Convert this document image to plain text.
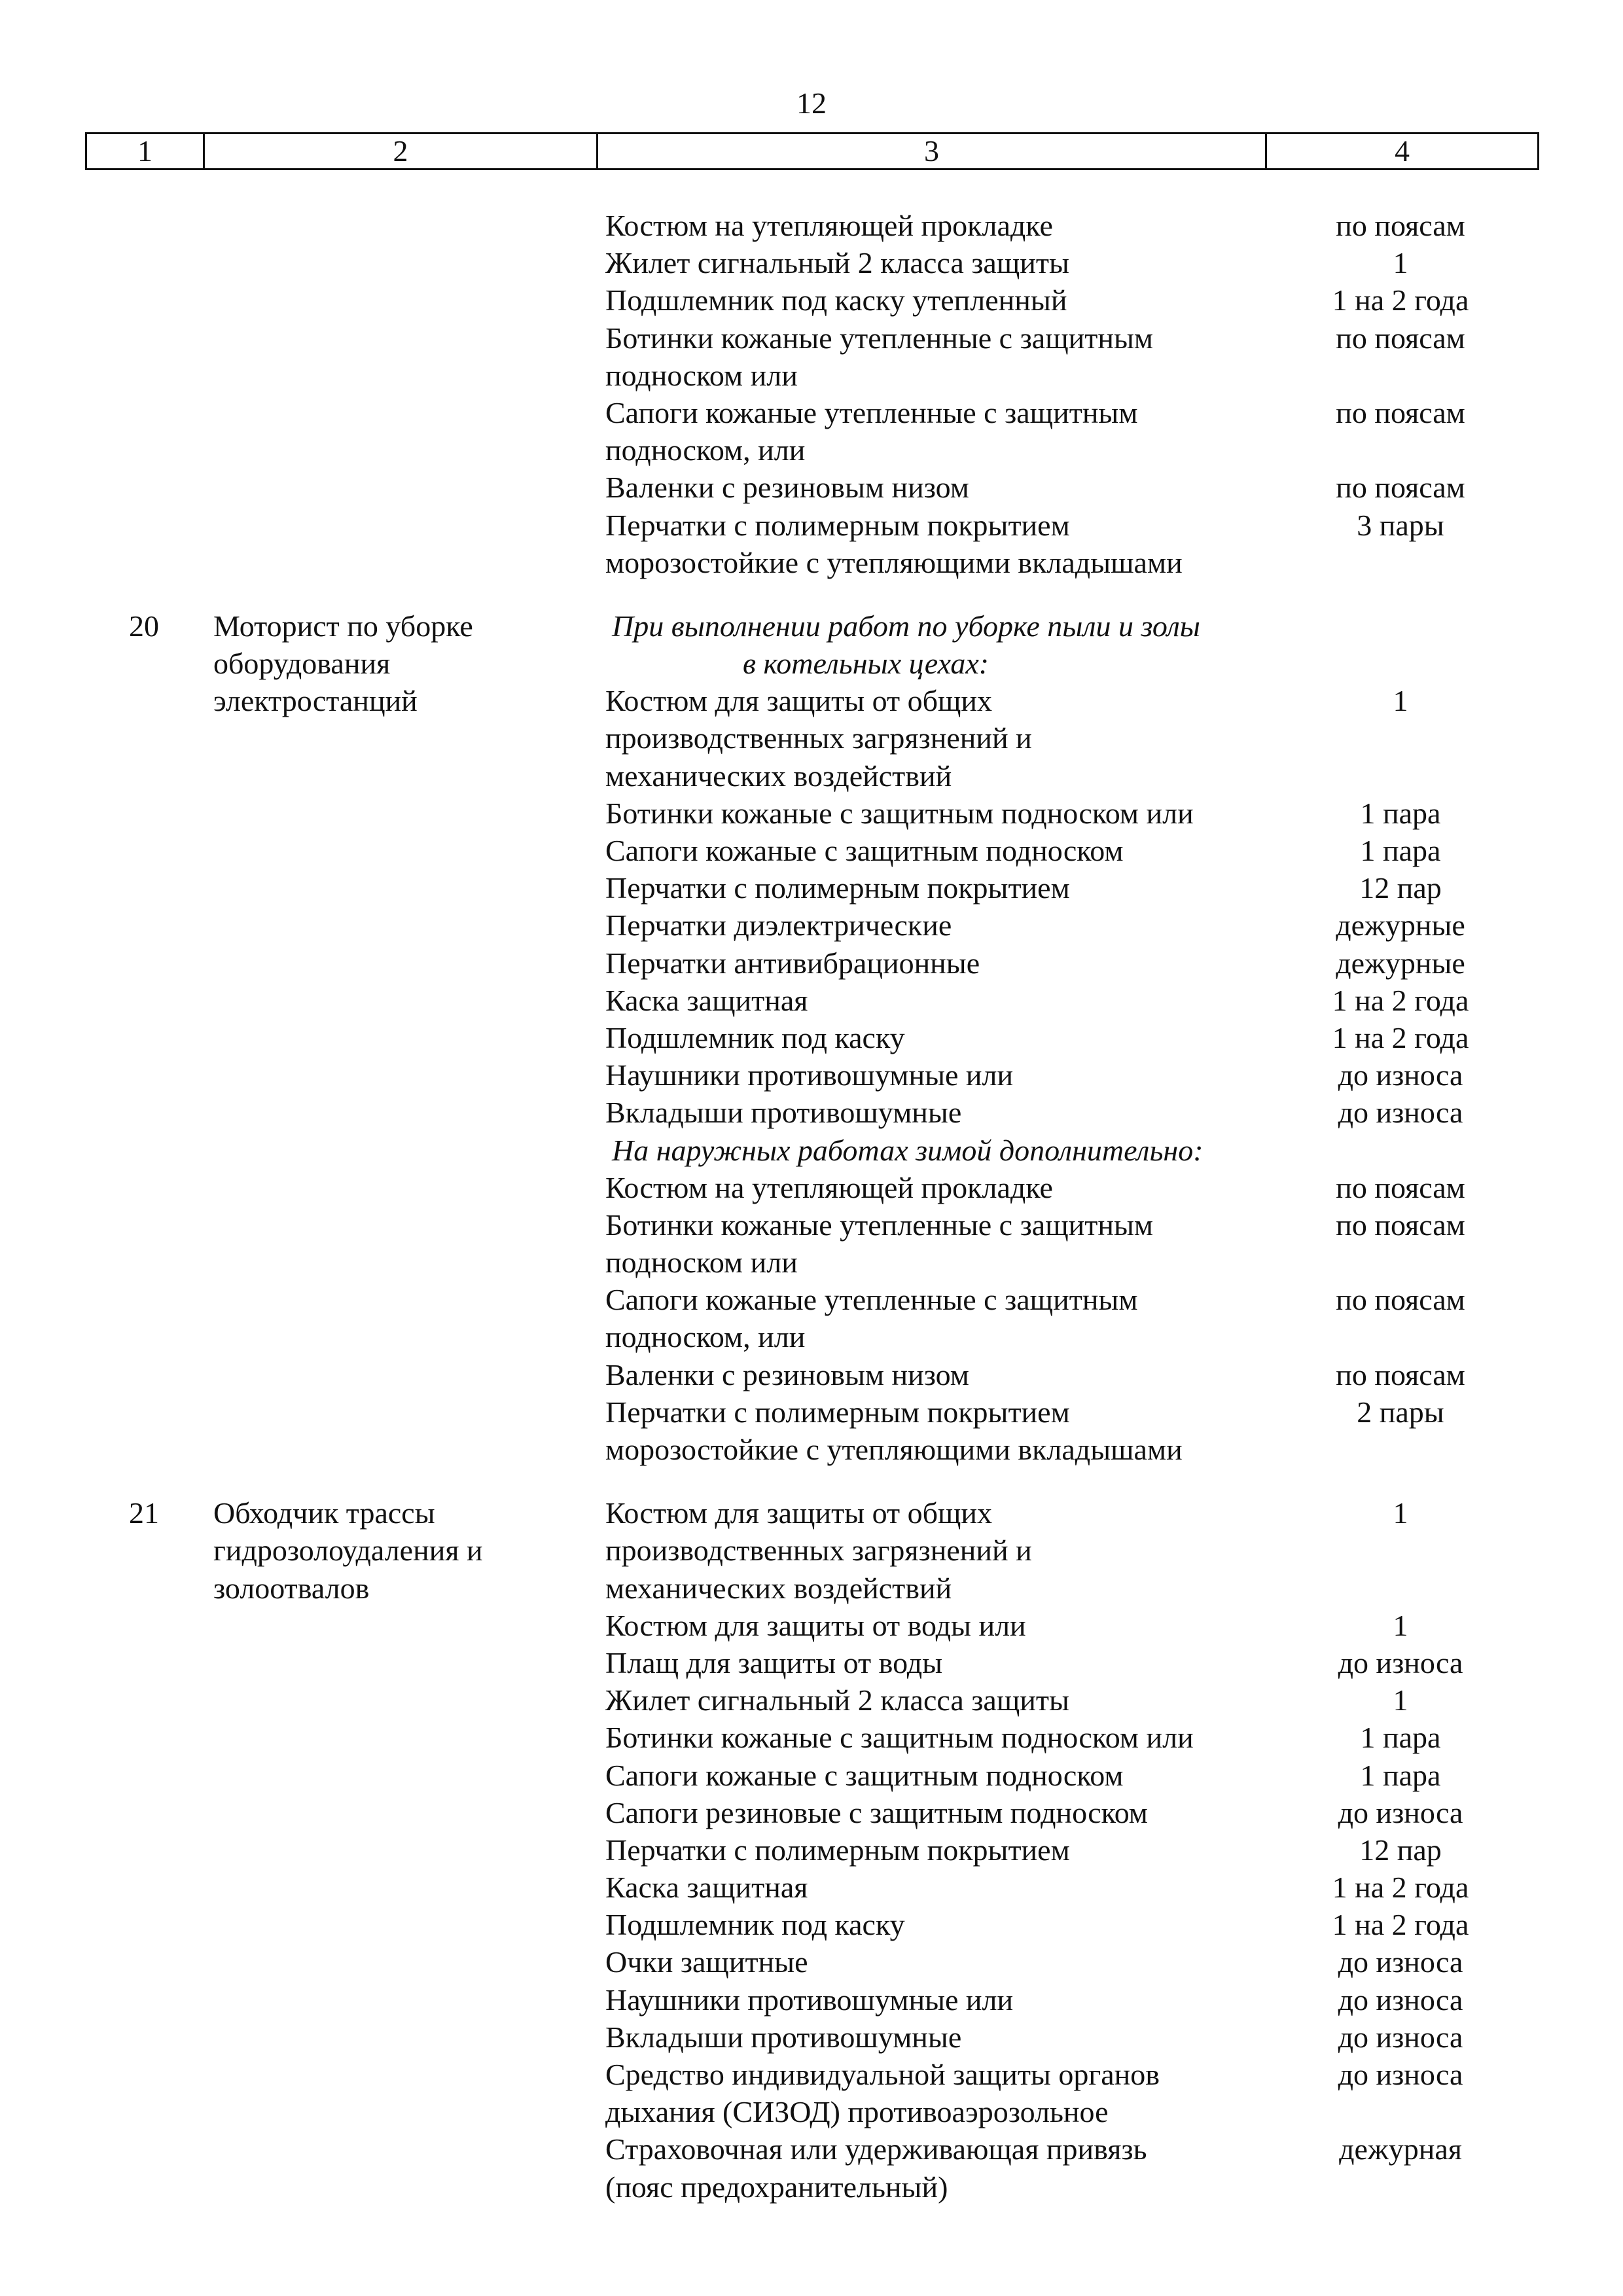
12
1	2	3	4
Костюм на утепляющей прокладке	по поясам
Жилет сигнальный 2 класса защиты	1
Подшлемник под каску утепленный	1 на 2 года
Ботинки кожаные утепленные с защитным	по поясам
подноском или
Сапоги кожаные утепленные с защитным	по поясам
подноском, или
Валенки с резиновым низом	по поясам
Перчатки с полимерным покрытием	3 пары
морозостойкие с утепляющими вкладышами
20	Моторист по уборке	При выполнении работ по уборке пыли и золы
оборудования	в котельных цехах:
электростанций	Костюм для защиты от общих	1
производственных загрязнений и
механических воздействий
Ботинки кожаные с защитным подноском или	1 пара
Сапоги кожаные с защитным подноском	1 пара
Перчатки с полимерным покрытием	12 пар
Перчатки диэлектрические	дежурные
Перчатки антивибрационные	дежурные
Каска защитная	1 на 2 года
Подшлемник под каску	1 на 2 года
Наушники противошумные или	до износа
Вкладыши противошумные	до износа
На наружных работах зимой дополнительно:
Костюм на утепляющей прокладке	по поясам
Ботинки кожаные утепленные с защитным	по поясам
подноском или
Сапоги кожаные утепленные с защитным	по поясам
подноском, или
Валенки с резиновым низом	по поясам
Перчатки с полимерным покрытием	2 пары
морозостойкие с утепляющими вкладышами
21	Обходчик трассы	Костюм для защиты от общих	1
гидрозолоудаления и	производственных загрязнений и
золоотвалов	механических воздействий
Костюм для защиты от воды или	1
Плащ для защиты от воды	до износа
Жилет сигнальный 2 класса защиты	1
Ботинки кожаные с защитным подноском или	1 пара
Сапоги кожаные с защитным подноском	1 пара
Сапоги резиновые с защитным подноском	до износа
Перчатки с полимерным покрытием	12 пар
Каска защитная	1 на 2 года
Подшлемник под каску	1 на 2 года
Очки защитные	до износа
Наушники противошумные или	до износа
Вкладыши противошумные	до износа
Средство индивидуальной защиты органов	до износа
дыхания (СИЗОД) противоаэрозольное
Страховочная или удерживающая привязь	дежурная
(пояс предохранительный)
